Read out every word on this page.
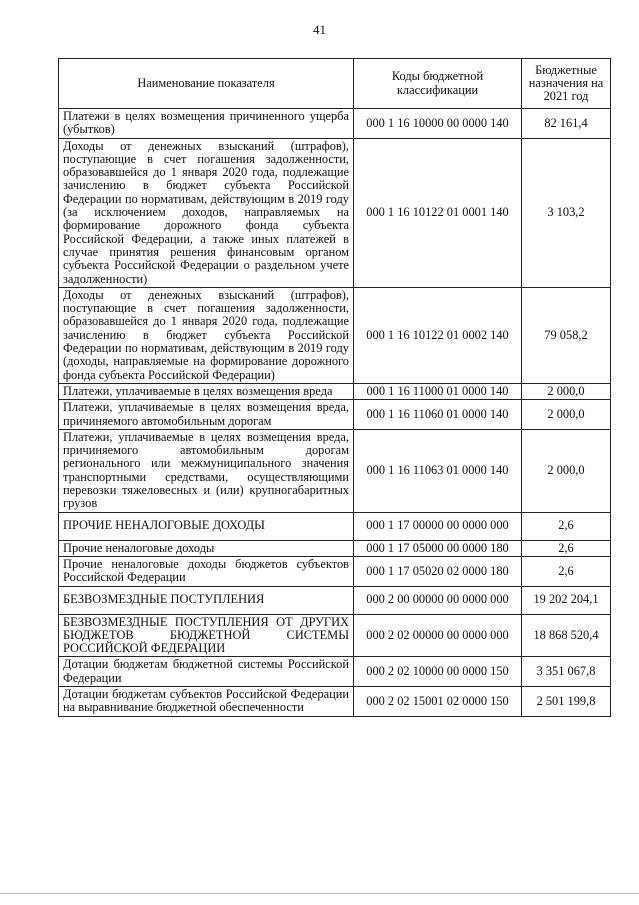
41
Наименование показателя	Коды бюджетной классификации	Бюджетные назначения на 2021 год
Платежи в целях возмещения причиненного ущерба (убытков)	000 1 16 10000 00 0000 140	82 161,4
Доходы от денежных взысканий (штрафов), поступающие в счет погашения задолженности, образовавшейся до 1 января 2020 года, подлежащие зачислению в бюджет субъекта Российской Федерации по нормативам, действующим в 2019 году (за исключением доходов, направляемых на формирование дорожного фонда субъекта Российской Федерации, а также иных платежей в случае принятия решения финансовым органом субъекта Российской Федерации о раздельном учете задолженности)	000 1 16 10122 01 0001 140	3 103,2
Доходы от денежных взысканий (штрафов), поступающие в счет погашения задолженности, образовавшейся до 1 января 2020 года, подлежащие зачислению в бюджет субъекта Российской Федерации по нормативам, действующим в 2019 году (доходы, направляемые на формирование дорожного фонда субъекта Российской Федерации)	000 1 16 10122 01 0002 140	79 058,2
Платежи, уплачиваемые в целях возмещения вреда	000 1 16 11000 01 0000 140	2 000,0
Платежи, уплачиваемые в целях возмещения вреда, причиняемого автомобильным дорогам	000 1 16 11060 01 0000 140	2 000,0
Платежи, уплачиваемые в целях возмещения вреда, причиняемого автомобильным дорогам регионального или межмуниципального значения транспортными средствами, осуществляющими перевозки тяжеловесных и (или) крупногабаритных грузов	000 1 16 11063 01 0000 140	2 000,0
ПРОЧИЕ НЕНАЛОГОВЫЕ ДОХОДЫ	000 1 17 00000 00 0000 000	2,6
Прочие неналоговые доходы	000 1 17 05000 00 0000 180	2,6
Прочие неналоговые доходы бюджетов субъектов Российской Федерации	000 1 17 05020 02 0000 180	2,6
БЕЗВОЗМЕЗДНЫЕ ПОСТУПЛЕНИЯ	000 2 00 00000 00 0000 000	19 202 204,1
БЕЗВОЗМЕЗДНЫЕ ПОСТУПЛЕНИЯ ОТ ДРУГИХ БЮДЖЕТОВ БЮДЖЕТНОЙ СИСТЕМЫ РОССИЙСКОЙ ФЕДЕРАЦИИ	000 2 02 00000 00 0000 000	18 868 520,4
Дотации бюджетам бюджетной системы Российской Федерации	000 2 02 10000 00 0000 150	3 351 067,8
Дотации бюджетам субъектов Российской Федерации на выравнивание бюджетной обеспеченности	000 2 02 15001 02 0000 150	2 501 199,8
